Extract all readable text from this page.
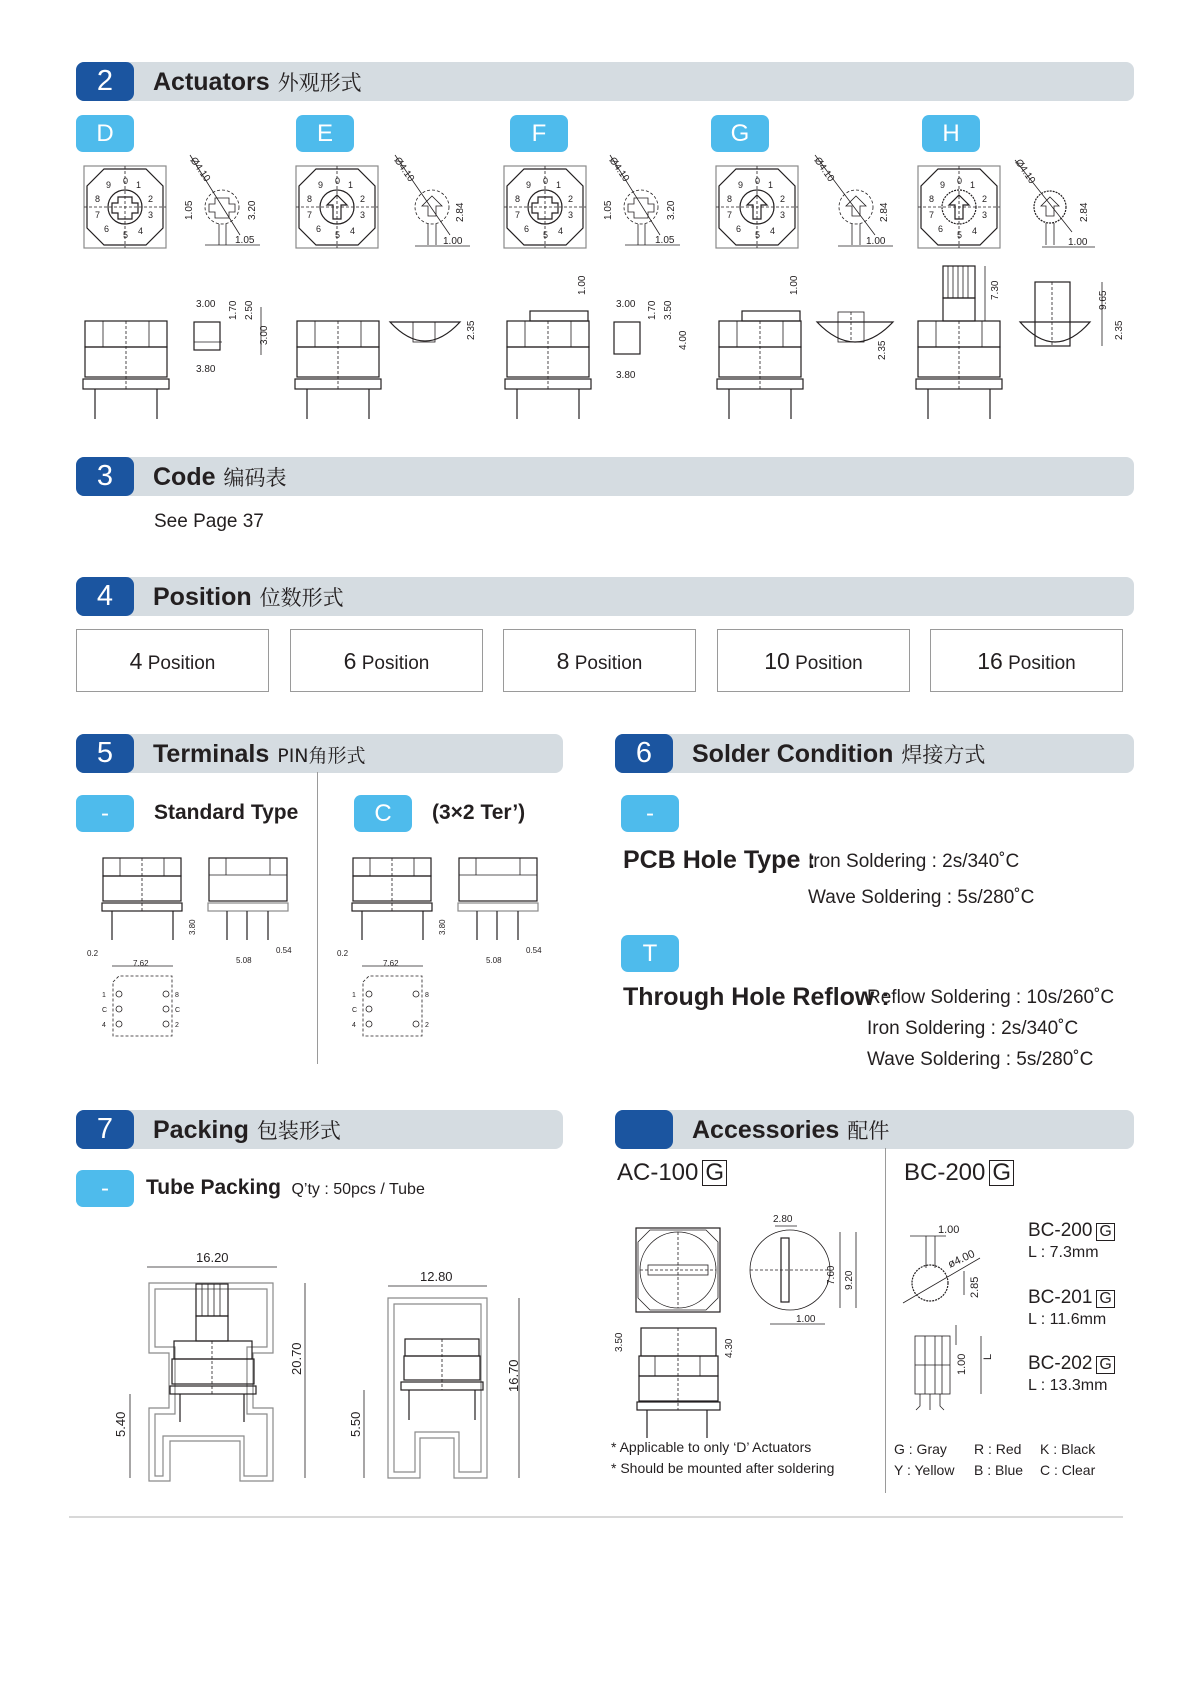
2	Actuators 外观形式
D	E	F	G	H
0 1
2
3
4
5
6
7
8
9
Ø4.10
1.05	3.20
1.05
3.00 1.70 2.50
3.00
3.80
Ø4.10
2.84
1.00
2.35
Ø4.10
1.05	3.20
1.05
1.00
3.00 1.70 3.50
4.00
3.80
Ø4.10
2.84
1.00
1.00
2.35
Ø4.10
2.84
1.00
7.30
9.65
2.35
3	Code 编码表
See Page 37
4	Position 位数形式
4 Position	6 Position	8 Position	10 Position	16 Position
5	Terminals PIN角形式
-	Standard Type	C	(3×2 Ter’)
0.2
7.62
3.80
5.08
0.54
1
C
4
8
C
2
0.2
7.62
3.80
5.08
0.54
1
C
4
8
2
6	Solder Condition 焊接方式
-
PCB Hole Type :
Iron Soldering : 2s/340˚C
Wave Soldering : 5s/280˚C
T
Through Hole Reflow :
Reflow Soldering : 10s/260˚C
Iron Soldering : 2s/340˚C
Wave Soldering : 5s/280˚C
7	Packing 包装形式
-	Tube Packing Q’ty : 50pcs / Tube
16.20
20.70
5.40
12.80
16.70
5.50
Accessories 配件
AC-100 G
2.80
7.60 9.20
1.00
3.50	4.30
* Applicable to only ‘D’ Actuators
* Should be mounted after soldering
BC-200 G
1.00
ø4.00
2.85
1.00 L
BC-200 G
L : 7.3mm
BC-201 G
L : 11.6mm
BC-202 G
L : 13.3mm
G : Gray R : Red K : Black
Y : Yellow B : Blue C : Clear
